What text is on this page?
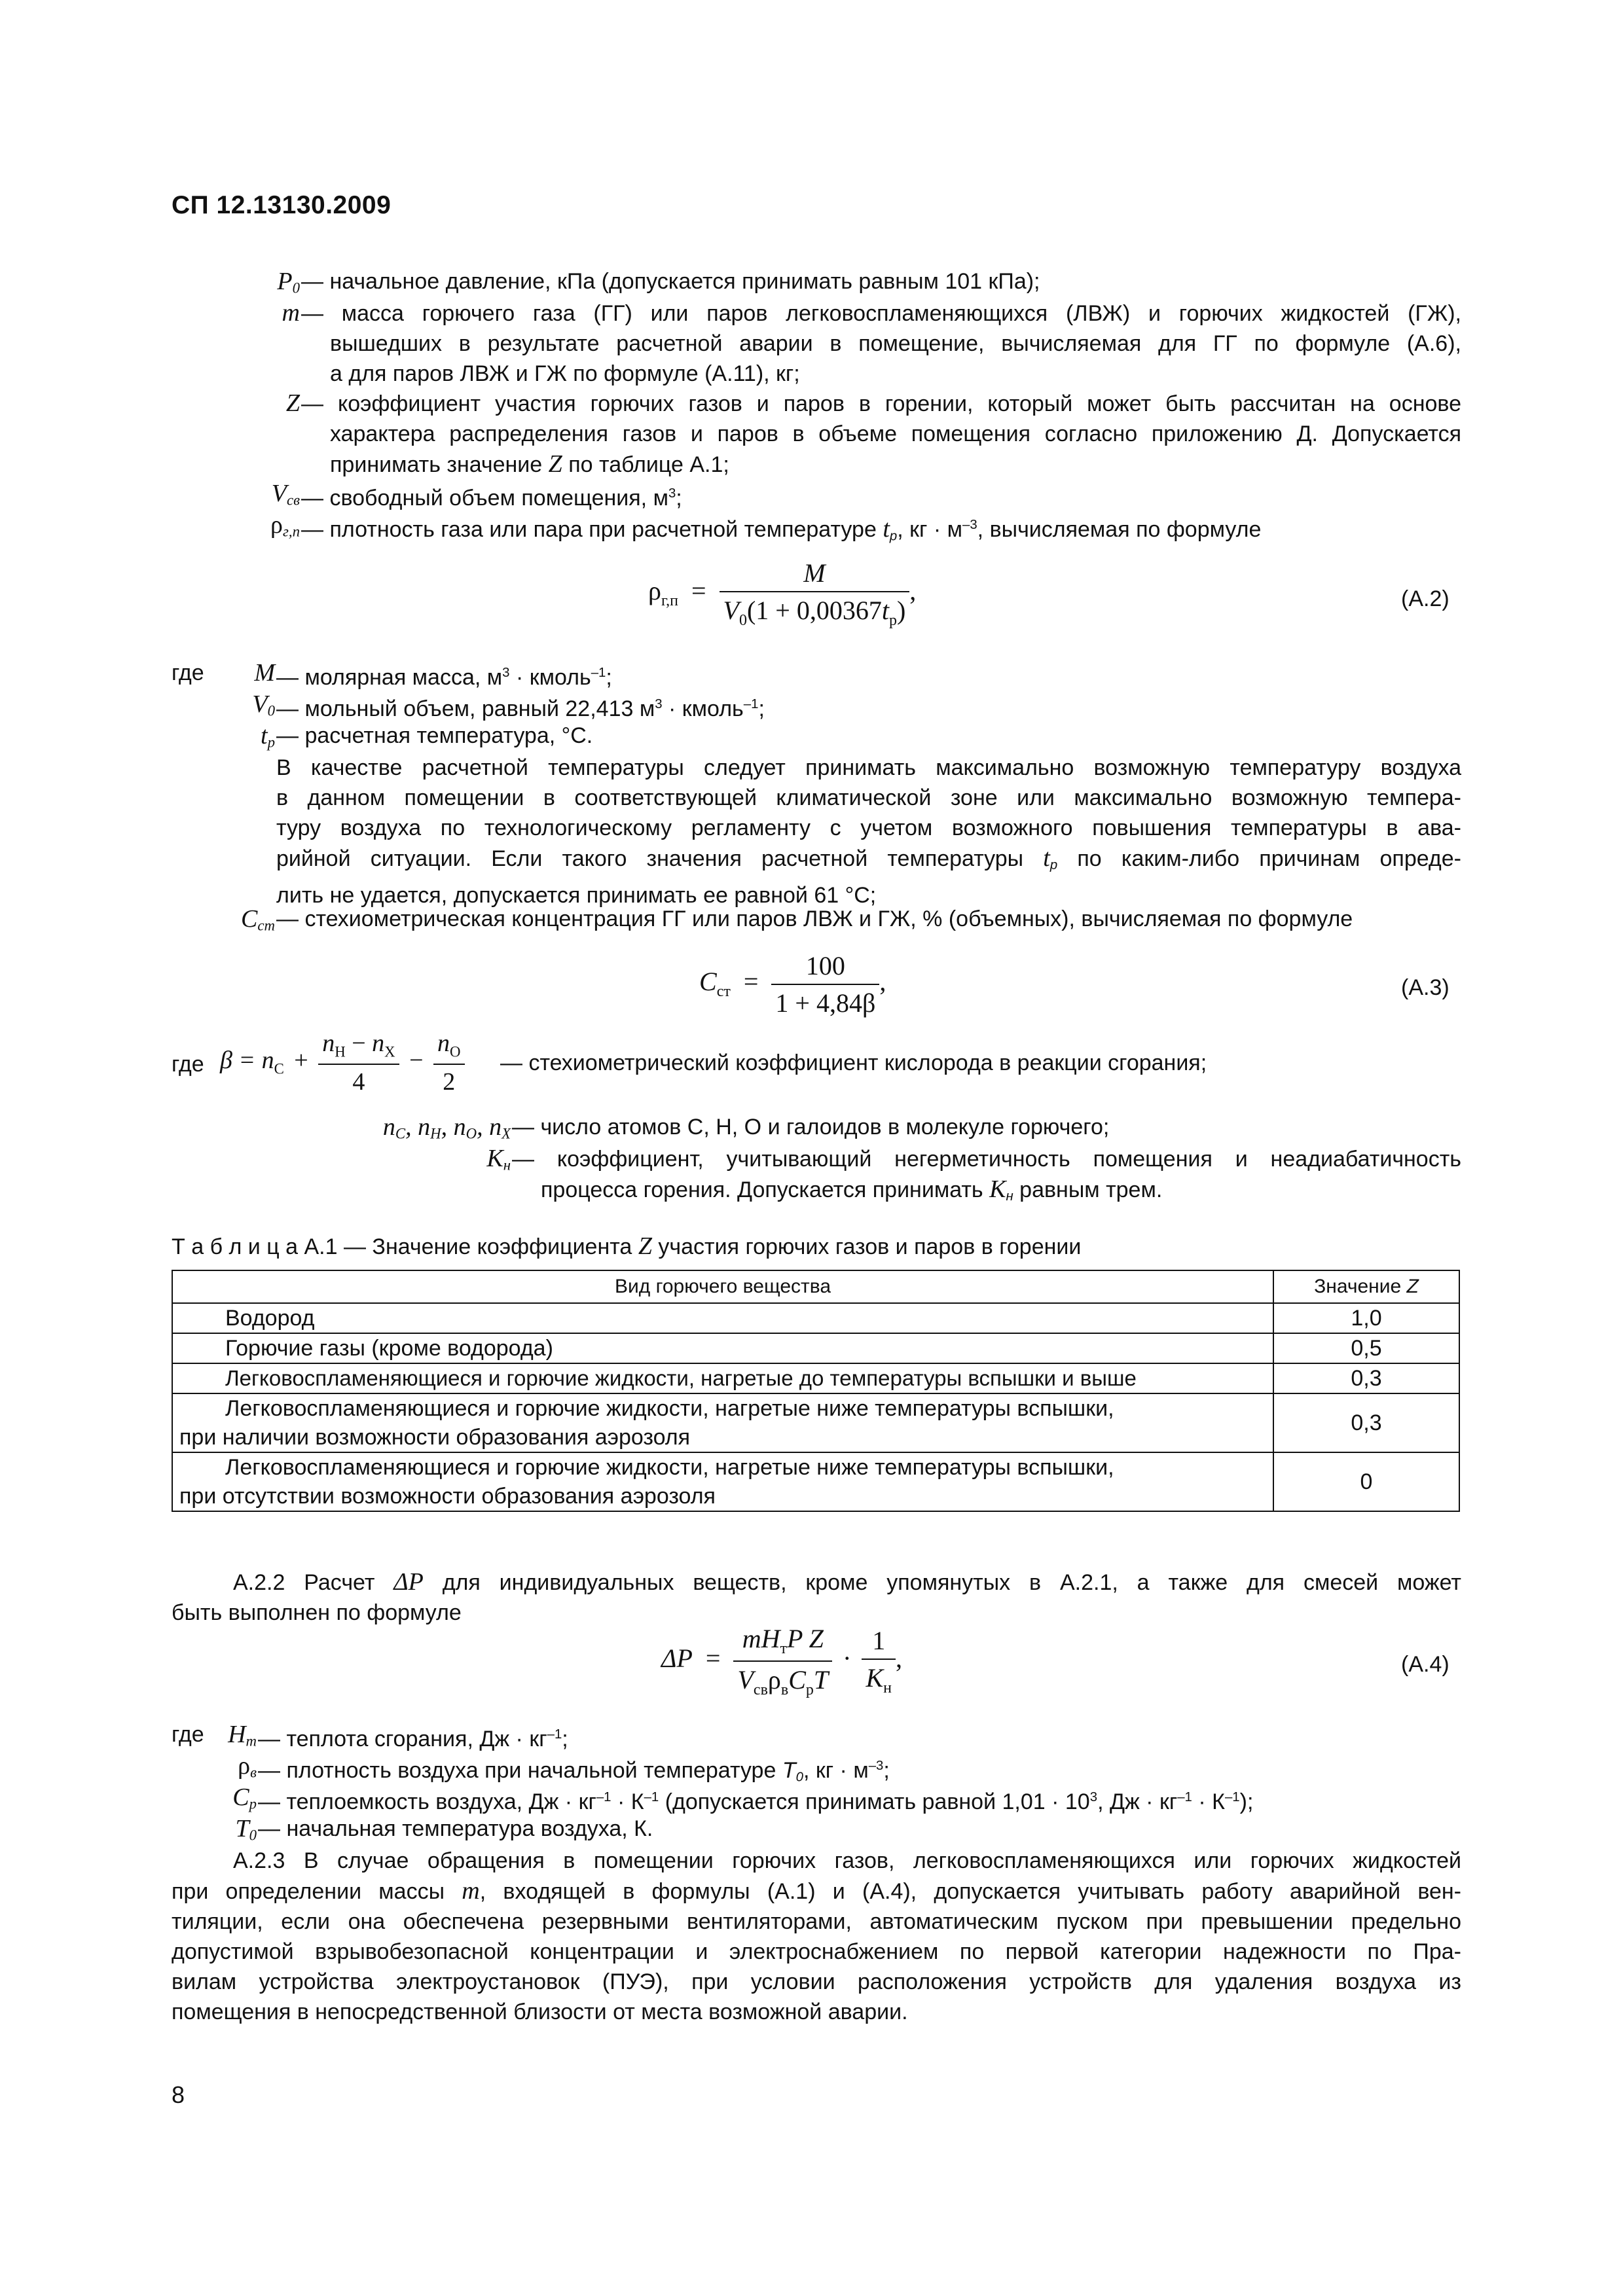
СП 12.13130.2009
$P_0$ — начальное давление, кПа (допускается принимать равным 101 кПа);
m — масса горючего газа (ГГ) или паров легковоспламеняющихся (ЛВЖ) и горючих жидкостей (ГЖ),
вышедших в результате расчетной аварии в помещение, вычисляемая для ГГ по формуле (А.6),
а для паров ЛВЖ и ГЖ по формуле (А.11), кг;
Z — коэффициент участия горючих газов и паров в горении, который может быть рассчитан на основе
характера распределения газов и паров в объеме помещения согласно приложению Д. Допускается
принимать значение Z по таблице А.1;
$V_{св}$ — свободный объем помещения, $м^3$;
$\rho_{г,п}$ — плотность газа или пара при расчетной температуре $t_р$, кг · $м^{-3}$, вычисляемая по формуле
$\rho_{г,п} = \frac{M}{V_0(1 + 0,00367t_р)}$ ,	(А.2)
где	M — молярная масса, $м^3$ · кмоль$^{-1}$;
$V_0$ — мольный объем, равный 22,413 $м^3$ · кмоль$^{-1}$;
$t_р$ — расчетная температура, °С.
В качестве расчетной температуры следует принимать максимально возможную температуру воздуха
в данном помещении в соответствующей климатической зоне или максимально возможную темпера-
туру воздуха по технологическому регламенту с учетом возможного повышения температуры в ава-
рийной ситуации. Если такого значения расчетной температуры $t_р$ по каким-либо причинам опреде-
лить не удается, допускается принимать ее равной 61 °С;
$C_{ст}$ — стехиометрическая концентрация ГГ или паров ЛВЖ и ГЖ, % (объемных), вычисляемая по формуле
$C_{ст} = \frac{100}{1 + 4,84\beta}$ ,	(А.3)
где $\beta = n_C + \frac{n_H - n_X}{4} - \frac{n_O}{2}$ — стехиометрический коэффициент кислорода в реакции сгорания;
$n_C$, $n_H$, $n_O$, $n_X$ — число атомов С, Н, О и галоидов в молекуле горючего;
$K_н$ — коэффициент, учитывающий негерметичность помещения и неадиабатичность
процесса горения. Допускается принимать $K_н$ равным трем.
Т а б л и ц а А.1 — Значение коэффициента Z участия горючих газов и паров в горении
Вид горючего вещества	Значение Z
Водород	1,0
Горючие газы (кроме водорода)	0,5
Легковоспламеняющиеся и горючие жидкости, нагретые до температуры вспышки и выше	0,3

Легковоспламеняющиеся и горючие жидкости, нагретые ниже температуры вспышки,
при наличии возможности образования аэрозоля	0,3

Легковоспламеняющиеся и горючие жидкости, нагретые ниже температуры вспышки,
при отсутствии возможности образования аэрозоля	0
А.2.2 Расчет ΔP для индивидуальных веществ, кроме упомянутых в А.2.1, а также для смесей может
быть выполнен по формуле
$\Delta P = \frac{mH_тP Z}{V_{св}\rho_вC_pT} \cdot \frac{1}{K_н}$ ,	(А.4)
где $H_т$ — теплота сгорания, Дж · $кг^{-1}$;
$\rho_в$ — плотность воздуха при начальной температуре $T_0$, кг · $м^{-3}$;
$C_p$ — теплоемкость воздуха, Дж · $кг^{-1} \cdot К^{-1}$ (допускается принимать равной $1,01 \cdot 10^3$, Дж · $кг^{-1} \cdot К^{-1}$);
$T_0$ — начальная температура воздуха, К.
А.2.3 В случае обращения в помещении горючих газов, легковоспламеняющихся или горючих жидкостей
при определении массы m, входящей в формулы (А.1) и (А.4), допускается учитывать работу аварийной вен-
тиляции, если она обеспечена резервными вентиляторами, автоматическим пуском при превышении предельно
допустимой взрывобезопасной концентрации и электроснабжением по первой категории надежности по Пра-
вилам устройства электроустановок (ПУЭ), при условии расположения устройств для удаления воздуха из
помещения в непосредственной близости от места возможной аварии.
8
